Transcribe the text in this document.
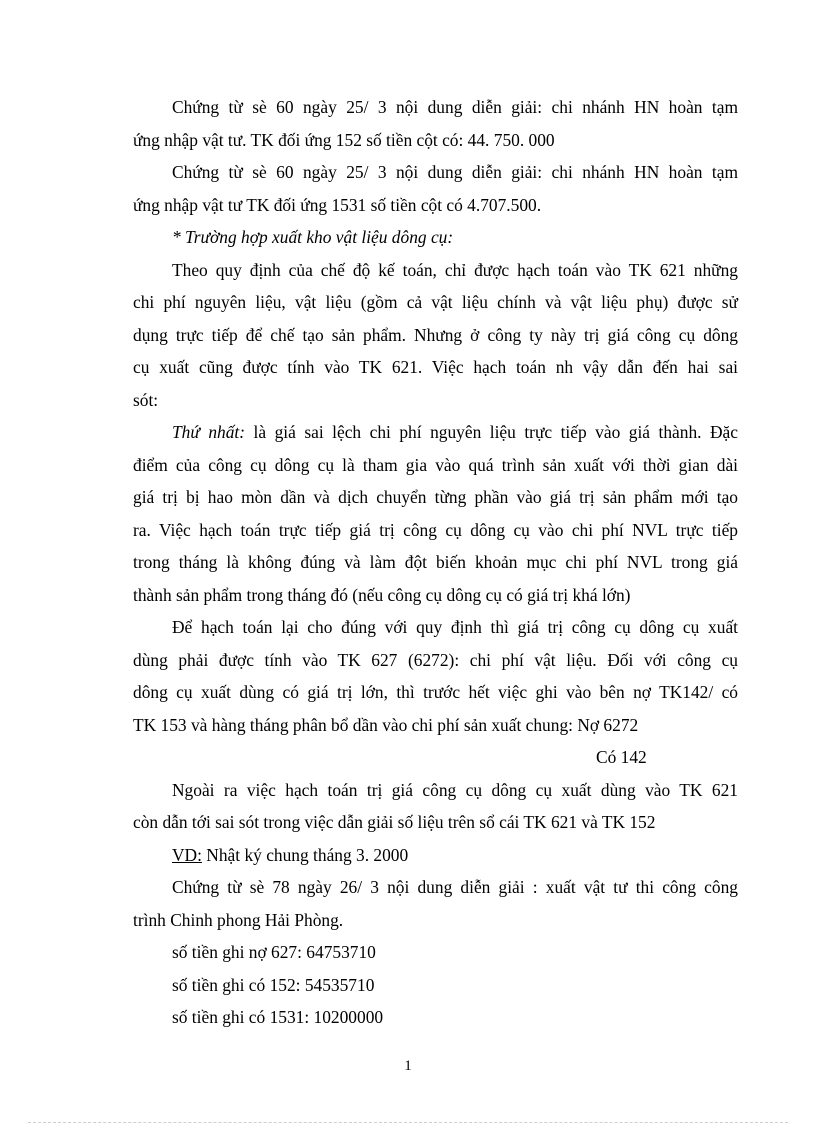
Chứng từ sè 60 ngày 25/ 3 nội dung diễn giải: chi nhánh HN hoàn tạm
ứng nhập vật tư. TK đối ứng 152 số tiền cột có: 44. 750. 000
Chứng từ sè 60 ngày 25/ 3 nội dung diễn giải: chi nhánh HN hoàn tạm
ứng nhập vật tư TK đối ứng 1531 số tiền cột có 4.707.500.
* Trường hợp xuất kho vật liệu dông cụ:
Theo quy định của chế độ kế toán, chỉ được hạch toán vào TK 621 những
chi phí nguyên liệu, vật liệu (gồm cả vật liệu chính và vật liệu phụ) được sử
dụng trực tiếp để chế tạo sản phẩm. Nhưng ở công ty này trị giá công cụ dông
cụ xuất cũng được tính vào TK 621. Việc hạch toán nh vậy dẫn đến hai sai
sót:
Thứ nhất: là giá sai lệch chi phí nguyên liệu trực tiếp vào giá thành. Đặc
điểm của công cụ dông cụ là tham gia vào quá trình sản xuất với thời gian dài
giá trị bị hao mòn dần và dịch chuyển từng phần vào giá trị sản phẩm mới tạo
ra. Việc hạch toán trực tiếp giá trị công cụ dông cụ vào chi phí NVL trực tiếp
trong tháng là không đúng và làm đột biến khoản mục chi phí NVL trong giá
thành sản phẩm trong tháng đó (nếu công cụ dông cụ có giá trị khá lớn)
Để hạch toán lại cho đúng với quy định thì giá trị công cụ dông cụ xuất
dùng phải được tính vào TK 627 (6272): chi phí vật liệu. Đối với công cụ
dông cụ xuất dùng có giá trị lớn, thì trước hết việc ghi vào bên nợ TK142/ có
TK 153 và hàng tháng phân bổ dần vào chi phí sản xuất chung: Nợ 6272
Có 142
Ngoài ra việc hạch toán trị giá công cụ dông cụ xuất dùng vào TK 621
còn dẫn tới sai sót trong việc dẫn giải số liệu trên sổ cái TK 621 và TK 152
VD: Nhật ký chung tháng 3. 2000
Chứng từ sè 78 ngày 26/ 3 nội dung diễn giải : xuất vật tư thi công công
trình Chinh phong Hải Phòng.
số tiền ghi nợ 627: 64753710
số tiền ghi có 152: 54535710
số tiền ghi có 1531: 10200000
1
